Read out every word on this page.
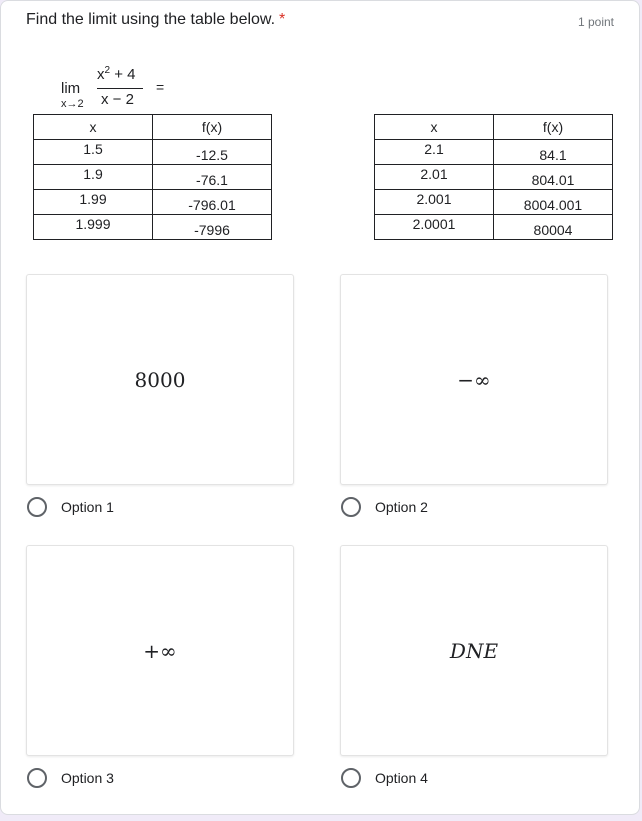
Find the limit using the table below. *	1 point
lim
x→2
$x^2 + 4$
x − 2
=
x	f(x)
1.5	-12.5
1.9	-76.1
1.99	-796.01
1.999	-7996
x	f(x)
2.1	84.1
2.01	804.01
2.001	8004.001
2.0001	80004
8000
Option 1
−∞
Option 2
+∞
Option 3
DNE
Option 4
